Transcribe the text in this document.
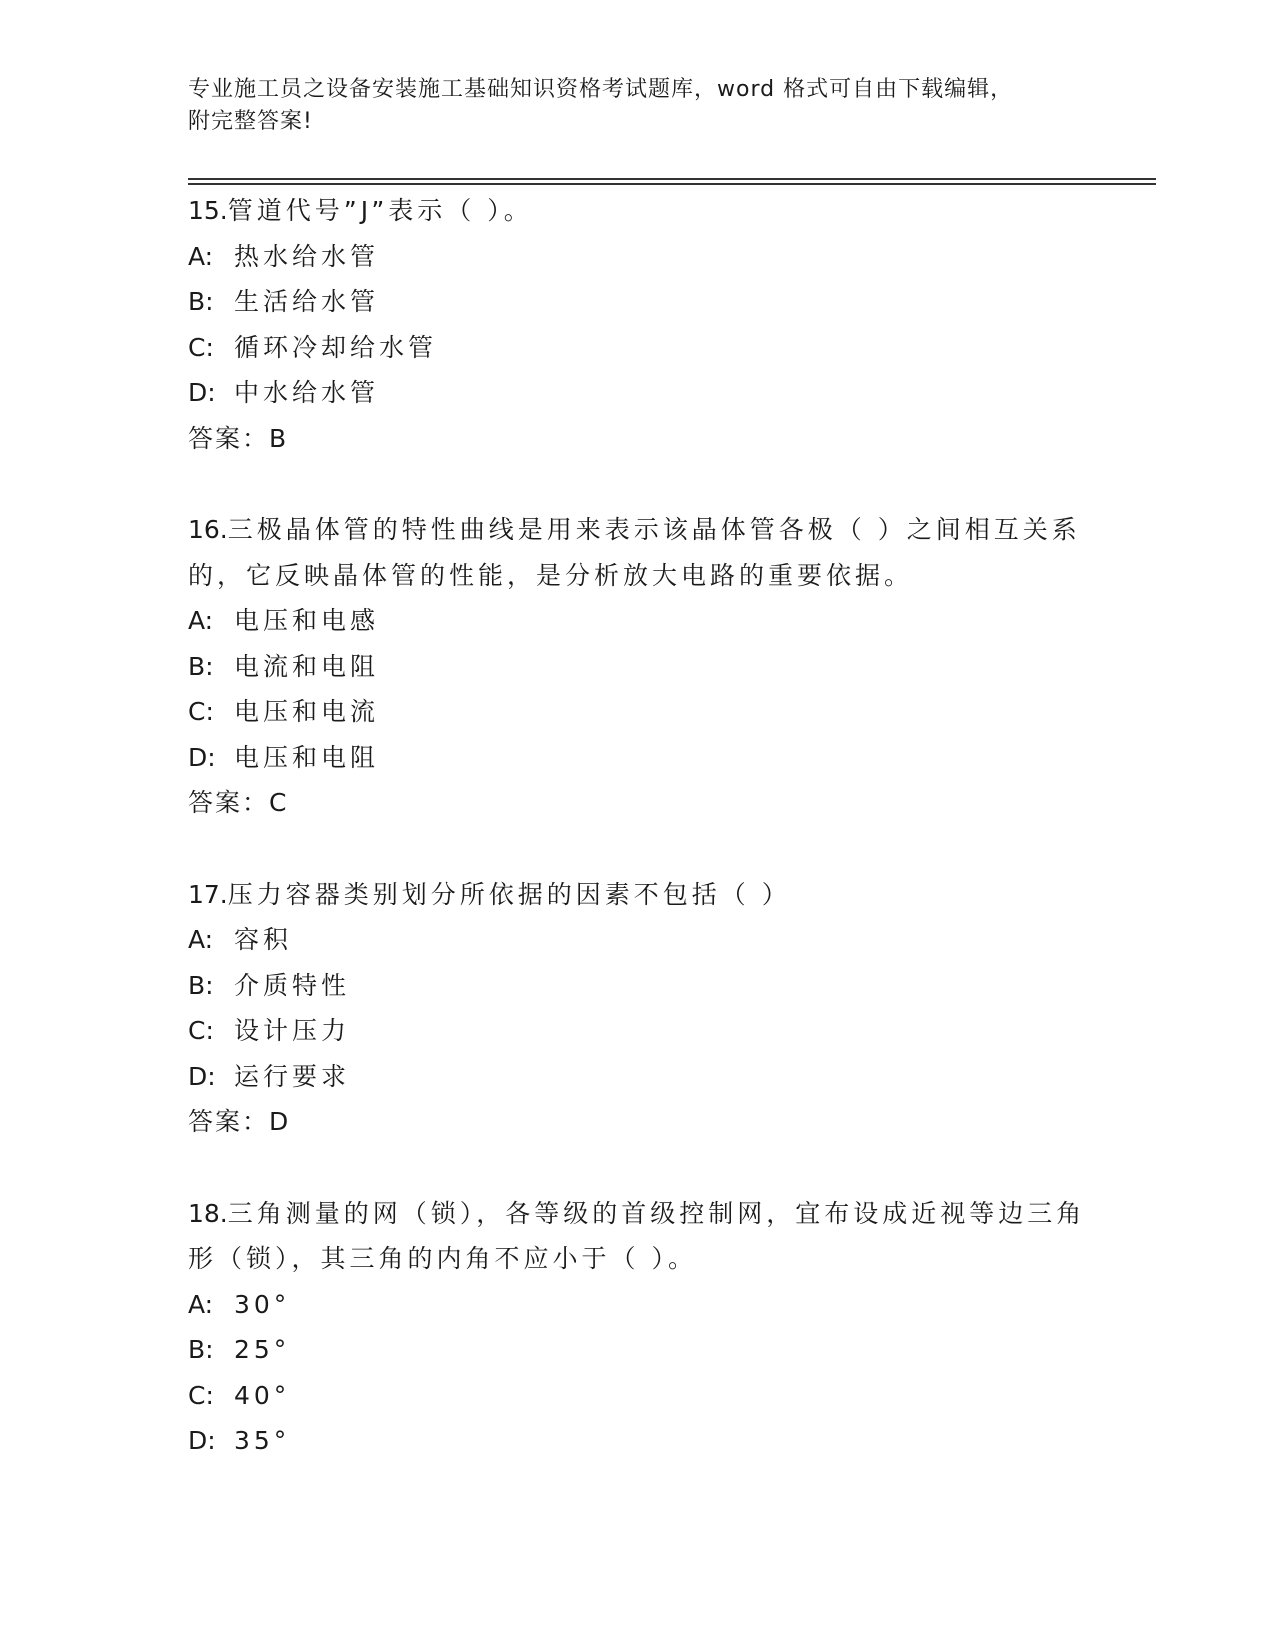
专业施工员之设备安装施工基础知识资格考试题库，word 格式可自由下载编辑，
附完整答案!
15.管道代号”J”表示（ ）。
A: 热水给水管
B: 生活给水管
C: 循环冷却给水管
D: 中水给水管
答案：B
16.三极晶体管的特性曲线是用来表示该晶体管各极（ ）之间相互关系的，它反映晶体管的性能，是分析放大电路的重要依据。
A: 电压和电感
B: 电流和电阻
C: 电压和电流
D: 电压和电阻
答案：C
17.压力容器类别划分所依据的因素不包括（ ）
A: 容积
B: 介质特性
C: 设计压力
D: 运行要求
答案：D
18.三角测量的网（锁），各等级的首级控制网，宜布设成近视等边三角形（锁），其三角的内角不应小于（ ）。
A: 30°
B: 25°
C: 40°
D: 35°
